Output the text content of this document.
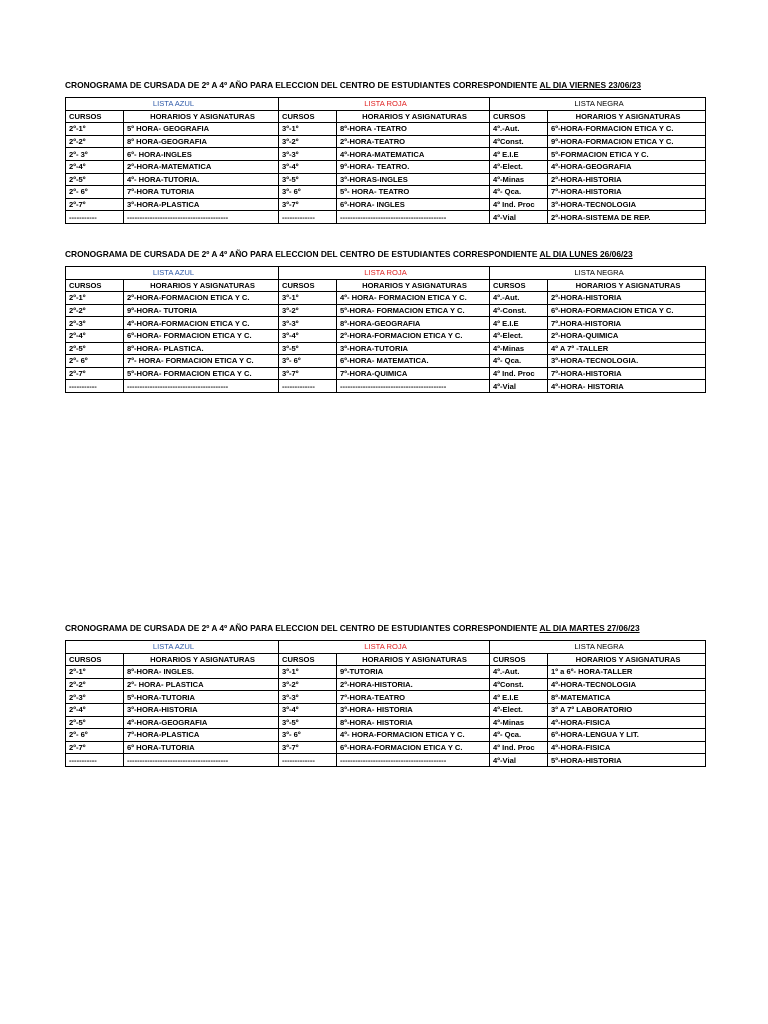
CRONOGRAMA DE CURSADA DE 2º A 4º AÑO PARA ELECCION DEL CENTRO DE ESTUDIANTES CORRESPONDIENTE AL DIA VIERNES 23/06/23
LISTA AZUL		LISTA ROJA		LISTA NEGRA	
CURSOS	HORARIOS Y ASIGNATURAS	CURSOS	HORARIOS Y ASIGNATURAS	CURSOS	HORARIOS Y ASIGNATURAS
2º-1º	5º HORA- GEOGRAFIA	3º-1º	8º-HORA -TEATRO	4º.-Aut.	6º-HORA-FORMACION ETICA Y C.
2º-2º	8º HORA-GEOGRAFIA	3º-2º	2º-HORA-TEATRO	4ºConst.	9º-HORA-FORMACION ETICA Y C.
2º- 3º	6º- HORA-INGLES	3º-3º	4º-HORA-MATEMATICA	4º E.I.E	5º-FORMACION ETICA Y C.
2º-4º	2º-HORA-MATEMATICA	3º-4º	9º-HORA- TEATRO.	4º-Elect.	4º-HORA-GEOGRAFIA
2º-5º	4º- HORA-TUTORIA.	3º-5º	3º-HORAS-INGLES	4º-Minas	2º-HORA-HISTORIA
2º- 6º	7º-HORA TUTORIA	3º- 6º	5º- HORA- TEATRO	4º- Qca.	7º-HORA-HISTORIA
2º-7º	3º-HORA-PLASTICA	3º-7º	6º-HORA- INGLES	4º Ind. Proc	3º-HORA-TECNOLOGIA
-----------	----------------------------------------	-------------	------------------------------------------	4º-Vial	2º-HORA-SISTEMA DE REP.
CRONOGRAMA DE CURSADA DE 2º A 4º AÑO PARA ELECCION DEL CENTRO DE ESTUDIANTES CORRESPONDIENTE AL DIA LUNES 26/06/23
LISTA AZUL		LISTA ROJA		LISTA NEGRA	
CURSOS	HORARIOS Y ASIGNATURAS	CURSOS	HORARIOS Y ASIGNATURAS	CURSOS	HORARIOS Y ASIGNATURAS
2º-1º	2º-HORA-FORMACION ETICA Y C.	3º-1º	4º- HORA- FORMACION ETICA Y C.	4º.-Aut.	2º-HORA-HISTORIA
2º-2º	9º-HORA- TUTORIA	3º-2º	5º-HORA- FORMACION ETICA Y C.	4º-Const.	6º-HORA-FORMACION ETICA Y C.
2º-3º	4º-HORA-FORMACION ETICA Y C.	3º-3º	8º-HORA-GEOGRAFIA	4º E.I.E	7º.HORA-HISTORIA
2º-4º	6º-HORA- FORMACION ETICA Y C.	3º-4º	2º-HORA-FORMACION ETICA Y C.	4º-Elect.	2º-HORA-QUIMICA
2º-5º	8º-HORA- PLASTICA.	3º-5º	3º-HORA-TUTORIA	4º-Minas	4º A 7º -TALLER
2º- 6º	7º- HORA- FORMACION ETICA Y C.	3º- 6º	6º-HORA- MATEMATICA.	4º- Qca.	3º-HORA-TECNOLOGIA.
2º-7º	5º-HORA- FORMACION ETICA Y C.	3º-7º	7º-HORA-QUIMICA	4º Ind. Proc	7º-HORA-HISTORIA
-----------	----------------------------------------	-------------	------------------------------------------	4º-Vial	4º-HORA- HISTORIA
CRONOGRAMA DE CURSADA DE 2º A 4º AÑO PARA ELECCION DEL CENTRO DE ESTUDIANTES CORRESPONDIENTE AL DIA MARTES 27/06/23
LISTA AZUL		LISTA ROJA		LISTA NEGRA	
CURSOS	HORARIOS Y ASIGNATURAS	CURSOS	HORARIOS Y ASIGNATURAS	CURSOS	HORARIOS Y ASIGNATURAS
2º-1º	8º-HORA- INGLES.	3º-1º	9º-TUTORIA	4º.-Aut.	1º a 6º- HORA-TALLER
2º-2º	2º- HORA- PLASTICA	3º-2º	2º-HORA-HISTORIA.	4ºConst.	4º-HORA-TECNOLOGIA
2º-3º	5º-HORA-TUTORIA	3º-3º	7º-HORA-TEATRO	4º E.I.E	8º-MATEMATICA
2º-4º	3º-HORA-HISTORIA	3º-4º	3º-HORA- HISTORIA	4º-Elect.	3º A 7º LABORATORIO
2º-5º	4º-HORA-GEOGRAFIA	3º-5º	8º-HORA- HISTORIA	4º-Minas	4º-HORA-FISICA
2º- 6º	7º-HORA-PLASTICA	3º- 6º	4º- HORA-FORMACION ETICA Y C.	4º- Qca.	6º-HORA-LENGUA Y LIT.
2º-7º	6º HORA-TUTORIA	3º-7º	6º-HORA-FORMACION ETICA Y C.	4º Ind. Proc	4º-HORA-FISICA
-----------	----------------------------------------	-------------	------------------------------------------	4º-Vial	5º-HORA-HISTORIA
